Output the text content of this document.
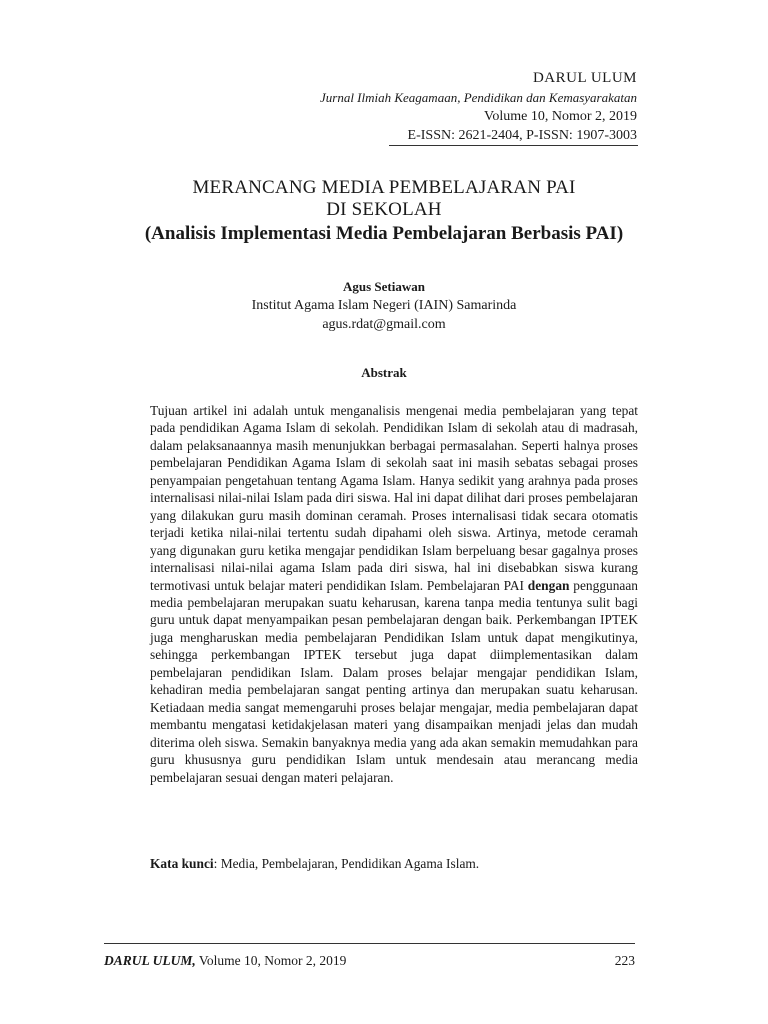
DARUL ULUM
Jurnal Ilmiah Keagamaan, Pendidikan dan Kemasyarakatan
Volume 10, Nomor 2, 2019
E-ISSN: 2621-2404, P-ISSN: 1907-3003
MERANCANG MEDIA PEMBELAJARAN PAI
DI SEKOLAH
(Analisis Implementasi Media Pembelajaran Berbasis PAI)
Agus Setiawan
Institut Agama Islam Negeri (IAIN) Samarinda
agus.rdat@gmail.com
Abstrak
Tujuan artikel ini adalah untuk menganalisis mengenai media pembelajaran yang tepat pada pendidikan Agama Islam di sekolah. Pendidikan Islam di sekolah atau di madrasah, dalam pelaksanaannya masih menunjukkan berbagai permasalahan. Seperti halnya proses pembelajaran Pendidikan Agama Islam di sekolah saat ini masih sebatas sebagai proses penyampaian pengetahuan tentang Agama Islam. Hanya sedikit yang arahnya pada proses internalisasi nilai-nilai Islam pada diri siswa. Hal ini dapat dilihat dari proses pembelajaran yang dilakukan guru masih dominan ceramah. Proses internalisasi tidak secara otomatis terjadi ketika nilai-nilai tertentu sudah dipahami oleh siswa. Artinya, metode ceramah yang digunakan guru ketika mengajar pendidikan Islam berpeluang besar gagalnya proses internalisasi nilai-nilai agama Islam pada diri siswa, hal ini disebabkan siswa kurang termotivasi untuk belajar materi pendidikan Islam. Pembelajaran PAI dengan penggunaan media pembelajaran merupakan suatu keharusan, karena tanpa media tentunya sulit bagi guru untuk dapat menyampaikan pesan pembelajaran dengan baik. Perkembangan IPTEK juga mengharuskan media pembelajaran Pendidikan Islam untuk dapat mengikutinya, sehingga perkembangan IPTEK tersebut juga dapat diimplementasikan dalam pembelajaran pendidikan Islam. Dalam proses belajar mengajar pendidikan Islam, kehadiran media pembelajaran sangat penting artinya dan merupakan suatu keharusan. Ketiadaan media sangat memengaruhi proses belajar mengajar, media pembelajaran dapat membantu mengatasi ketidakjelasan materi yang disampaikan menjadi jelas dan mudah diterima oleh siswa. Semakin banyaknya media yang ada akan semakin memudahkan para guru khususnya guru pendidikan Islam untuk mendesain atau merancang media pembelajaran sesuai dengan materi pelajaran.
Kata kunci: Media, Pembelajaran, Pendidikan Agama Islam.
DARUL ULUM, Volume 10, Nomor 2, 2019	223
